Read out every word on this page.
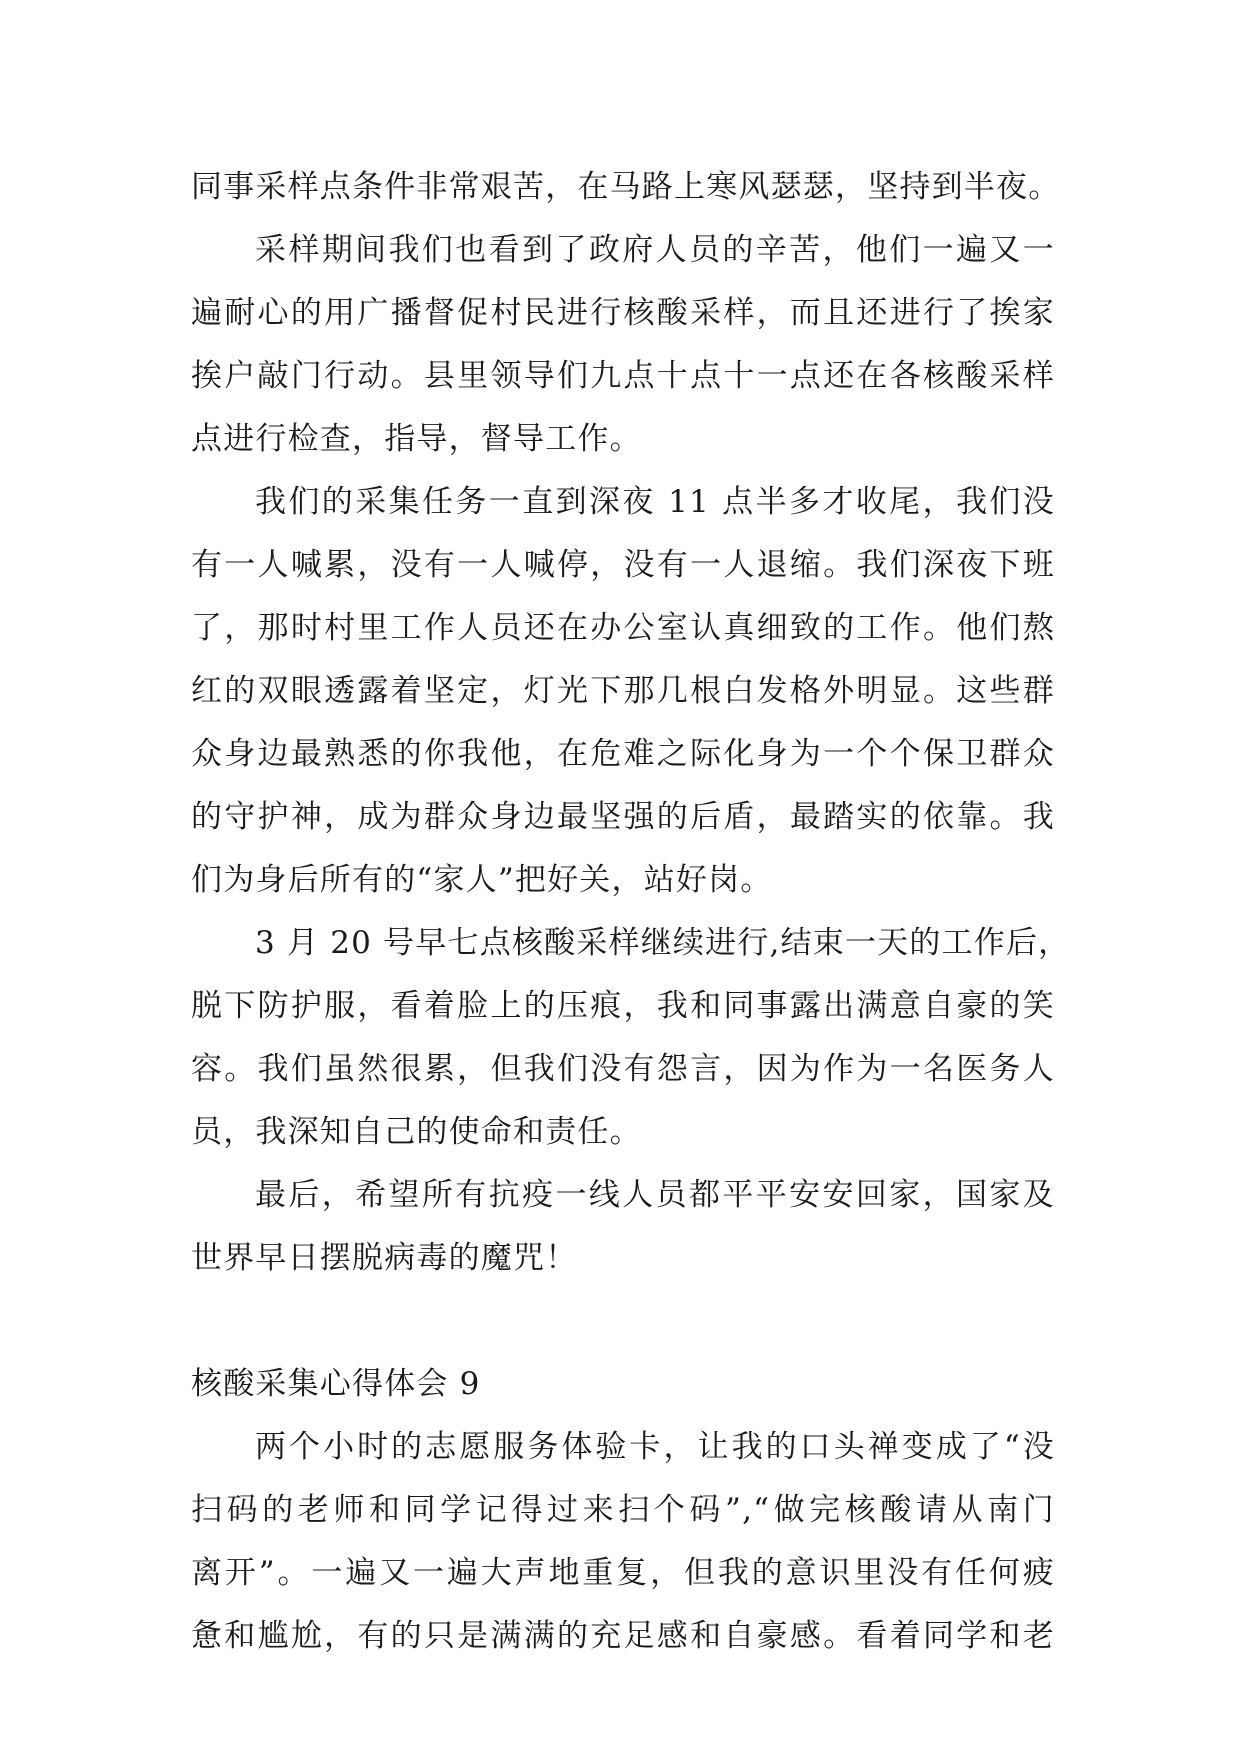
同事采样点条件非常艰苦，在马路上寒风瑟瑟，坚持到半夜。
采样期间我们也看到了政府人员的辛苦，他们一遍又一
遍耐心的用广播督促村民进行核酸采样，而且还进行了挨家
挨户敲门行动。县里领导们九点十点十一点还在各核酸采样
点进行检查，指导，督导工作。
我们的采集任务一直到深夜 11 点半多才收尾，我们没
有一人喊累，没有一人喊停，没有一人退缩。我们深夜下班
了，那时村里工作人员还在办公室认真细致的工作。他们熬
红的双眼透露着坚定，灯光下那几根白发格外明显。这些群
众身边最熟悉的你我他，在危难之际化身为一个个保卫群众
的守护神，成为群众身边最坚强的后盾，最踏实的依靠。我
们为身后所有的“家人”把好关，站好岗。
3 月 20 号早七点核酸采样继续进行,结束一天的工作后，
脱下防护服，看着脸上的压痕，我和同事露出满意自豪的笑
容。我们虽然很累，但我们没有怨言，因为作为一名医务人
员，我深知自己的使命和责任。
最后，希望所有抗疫一线人员都平平安安回家，国家及
世界早日摆脱病毒的魔咒！
核酸采集心得体会 9
两个小时的志愿服务体验卡，让我的口头禅变成了“没
扫码的老师和同学记得过来扫个码”,“做完核酸请从南门
离开”。一遍又一遍大声地重复，但我的意识里没有任何疲
惫和尴尬，有的只是满满的充足感和自豪感。看着同学和老
